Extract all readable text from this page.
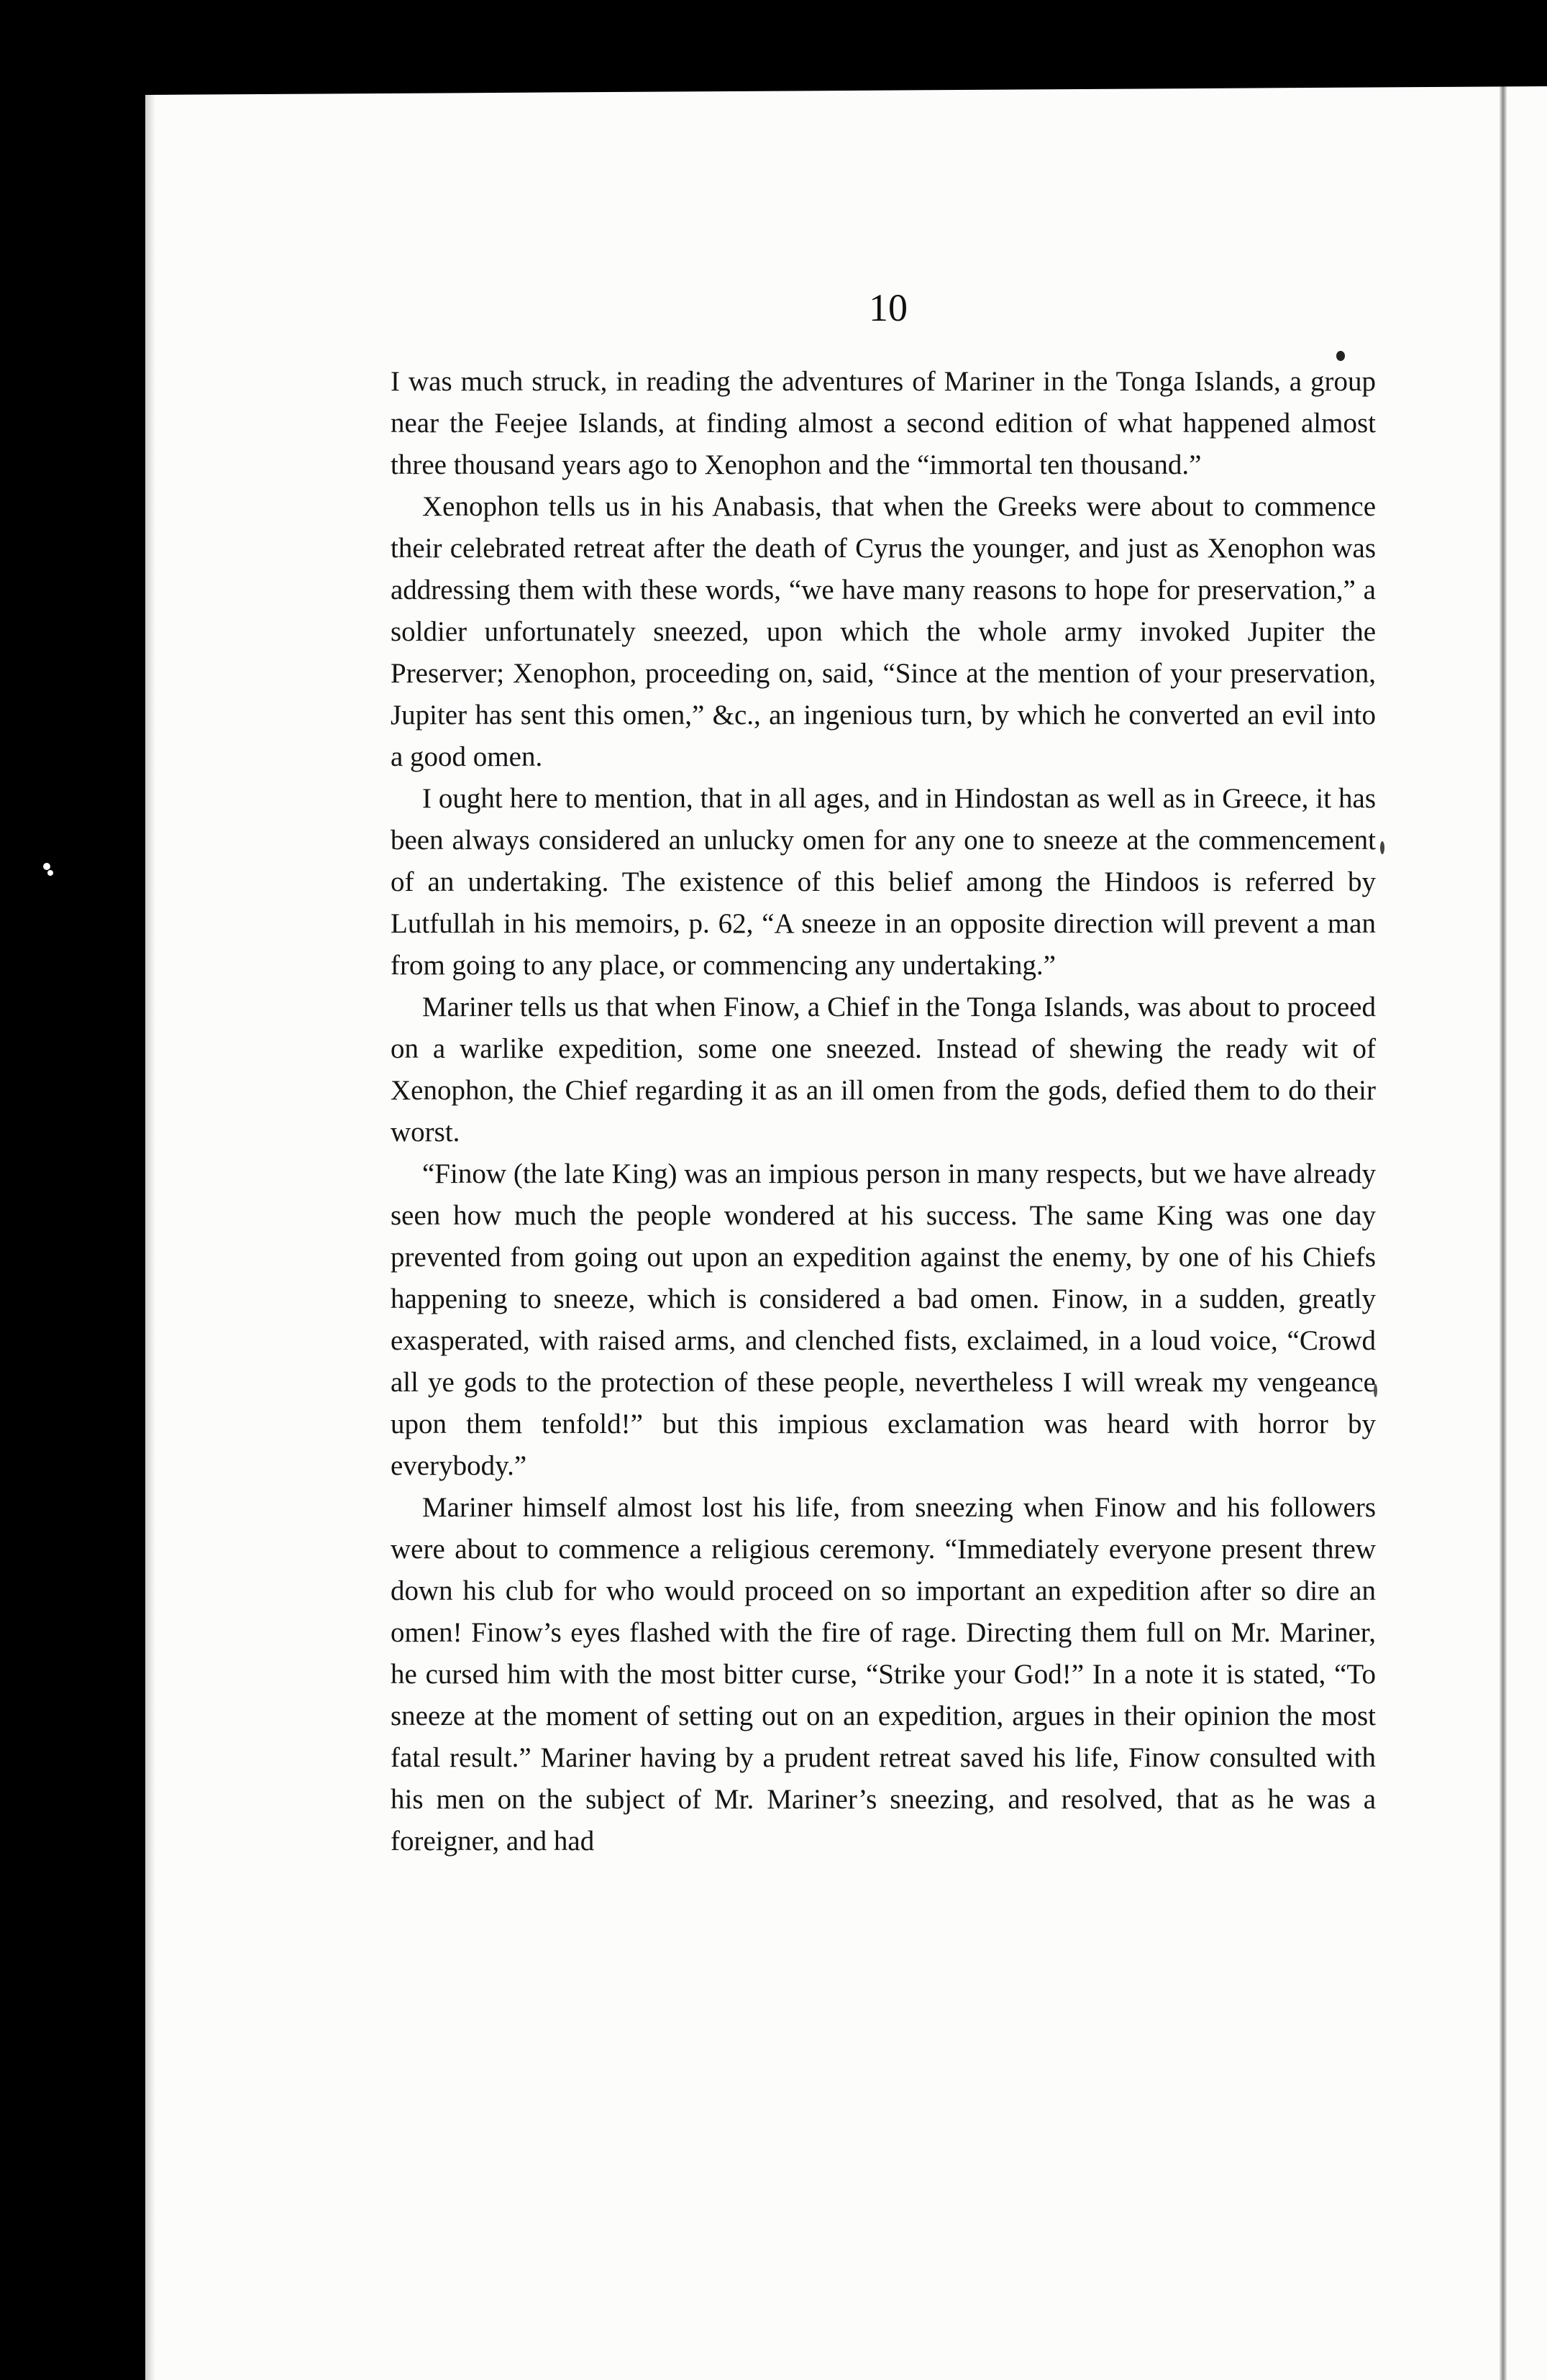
10

I was much struck, in reading the adventures of Mariner in the Tonga Islands, a group near the Feejee Islands, at finding almost a second edition of what happened almost three thousand years ago to Xenophon and the “immortal ten thousand.”

Xenophon tells us in his Anabasis, that when the Greeks were about to commence their celebrated retreat after the death of Cyrus the younger, and just as Xenophon was addressing them with these words, “we have many reasons to hope for preservation,” a soldier unfortunately sneezed, upon which the whole army invoked Jupiter the Preserver; Xenophon, proceeding on, said, “Since at the mention of your preservation, Jupiter has sent this omen,” &c., an ingenious turn, by which he converted an evil into a good omen.

I ought here to mention, that in all ages, and in Hindostan as well as in Greece, it has been always considered an unlucky omen for any one to sneeze at the commencement of an undertaking. The existence of this belief among the Hindoos is referred by Lutfullah in his memoirs, p. 62, “A sneeze in an opposite direction will prevent a man from going to any place, or commencing any undertaking.”

Mariner tells us that when Finow, a Chief in the Tonga Islands, was about to proceed on a warlike expedition, some one sneezed. Instead of shewing the ready wit of Xenophon, the Chief regarding it as an ill omen from the gods, defied them to do their worst.

“Finow (the late King) was an impious person in many respects, but we have already seen how much the people wondered at his success. The same King was one day prevented from going out upon an expedition against the enemy, by one of his Chiefs happening to sneeze, which is considered a bad omen. Finow, in a sudden, greatly exasperated, with raised arms, and clenched fists, exclaimed, in a loud voice, “Crowd all ye gods to the protection of these people, nevertheless I will wreak my vengeance upon them tenfold!” but this impious exclamation was heard with horror by everybody.”

Mariner himself almost lost his life, from sneezing when Finow and his followers were about to commence a religious ceremony. “Immediately everyone present threw down his club for who would proceed on so important an expedition after so dire an omen! Finow’s eyes flashed with the fire of rage. Directing them full on Mr. Mariner, he cursed him with the most bitter curse, “Strike your God!” In a note it is stated, “To sneeze at the moment of setting out on an expedition, argues in their opinion the most fatal result.” Mariner having by a prudent retreat saved his life, Finow consulted with his men on the subject of Mr. Mariner’s sneezing, and resolved, that as he was a foreigner, and had
